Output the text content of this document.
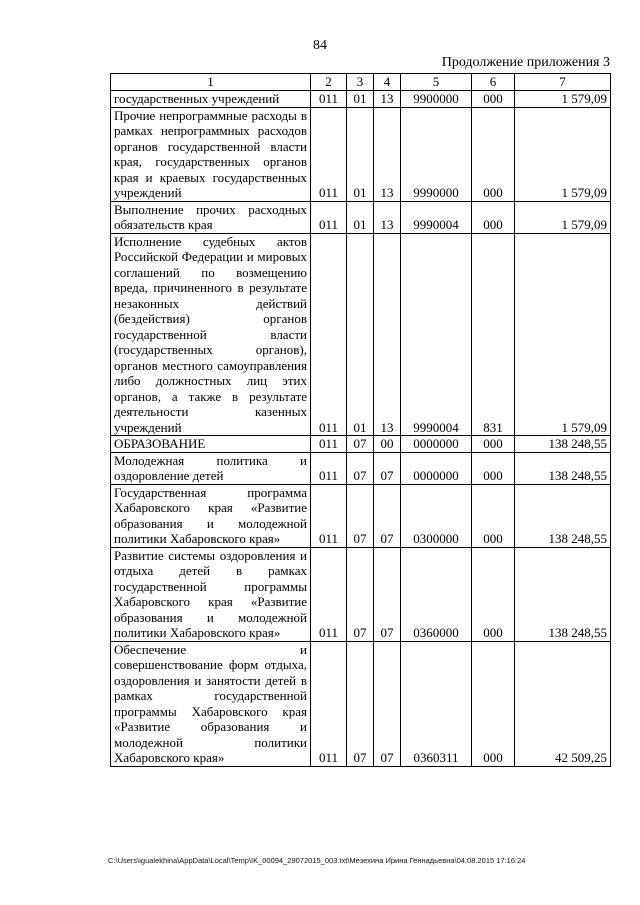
84
Продолжение приложения 3
1	2	3	4	5	6	7
государственных учреждений	011	01	13	9900000	000	1 579,09
Прочие непрограммные расходы в рамках непрограммных расходов органов государственной власти края, государственных органов края и краевых государственных учреждений	011	01	13	9990000	000	1 579,09
Выполнение прочих расходных обязательств края	011	01	13	9990004	000	1 579,09
Исполнение судебных актов Российской Федерации и мировых соглашений по возмещению вреда, причиненного в результате незаконных действий (бездействия) органов государственной власти (государственных органов), органов местного самоуправления либо должностных лиц этих органов, а также в результате деятельности казенных учреждений	011	01	13	9990004	831	1 579,09
ОБРАЗОВАНИЕ	011	07	00	0000000	000	138 248,55
Молодежная политика и оздоровление детей	011	07	07	0000000	000	138 248,55
Государственная программа Хабаровского края «Развитие образования и молодежной политики Хабаровского края»	011	07	07	0300000	000	138 248,55
Развитие системы оздоровления и отдыха детей в рамках государственной программы Хабаровского края «Развитие образования и молодежной политики Хабаровского края»	011	07	07	0360000	000	138 248,55
Обеспечение и совершенствование форм отдыха, оздоровления и занятости детей в рамках государственной программы Хабаровского края «Развитие образования и молодежной политики Хабаровского края»	011	07	07	0360311	000	42 509,25
C:\Users\igualekhina\AppData\Local\Temp\IK_00094_29072015_003.txt\Мезехина Ирина Геннадьевна\04.08.2015 17:16:24
